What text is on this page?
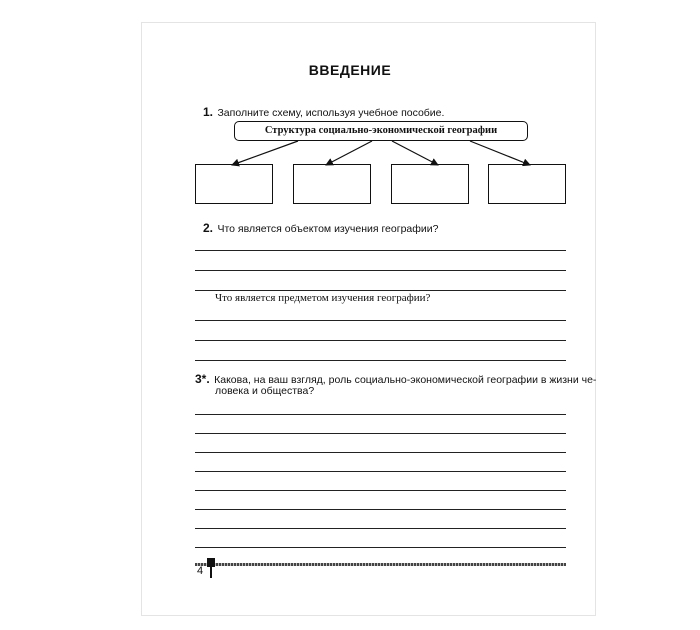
ВВЕДЕНИЕ
1. Заполните схему, используя учебное пособие.
Структура социально-экономической географии
2. Что является объектом изучения географии?
Что является предметом изучения географии?
3*. Какова, на ваш взгляд, роль социально-экономической географии в жизни че-
ловека и общества?
4
